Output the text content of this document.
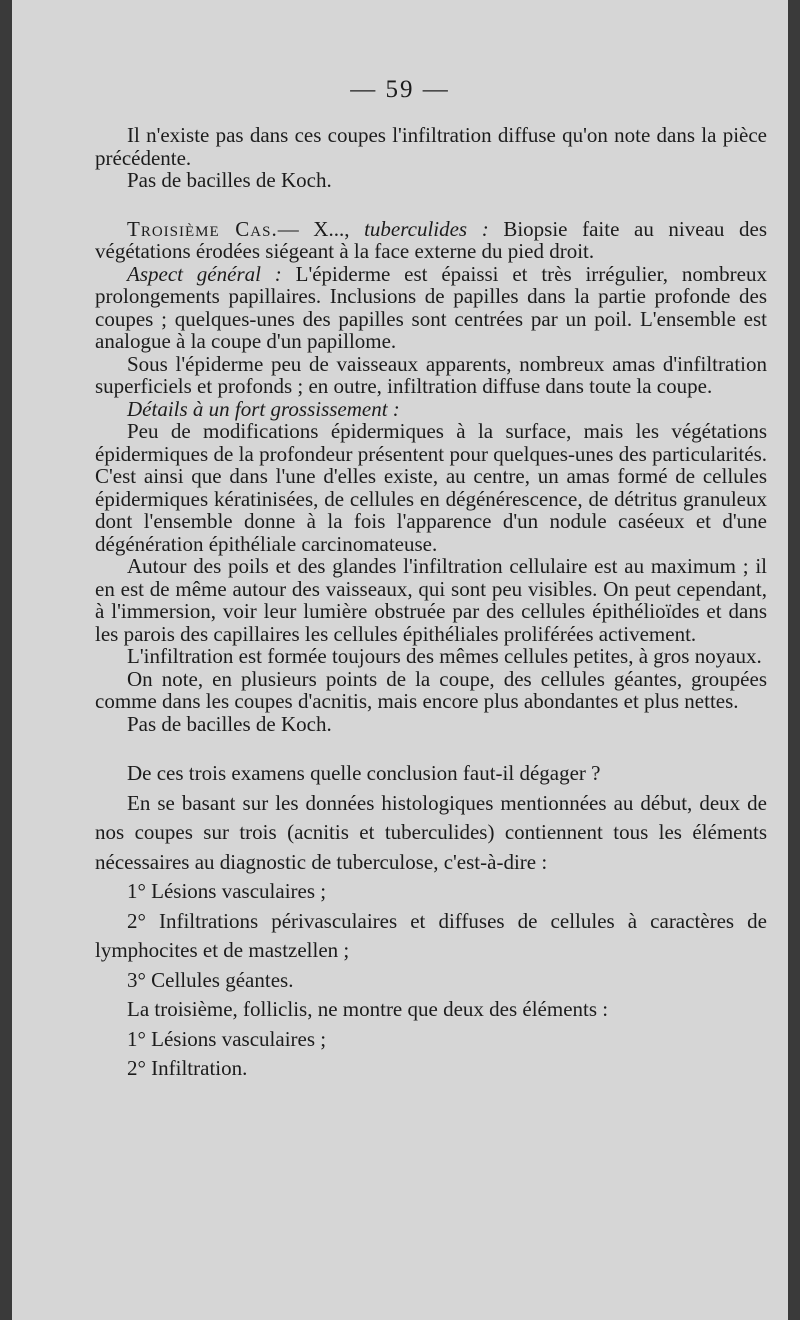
— 59 —

Il n'existe pas dans ces coupes l'infiltration diffuse qu'on note dans la pièce précédente.

Pas de bacilles de Koch.

Troisième Cas.— X..., tuberculides : Biopsie faite au niveau des végétations érodées siégeant à la face externe du pied droit.

Aspect général : L'épiderme est épaissi et très irrégulier, nombreux prolongements papillaires. Inclusions de papilles dans la partie profonde des coupes ; quelques-unes des papilles sont centrées par un poil. L'ensemble est analogue à la coupe d'un papillome.

Sous l'épiderme peu de vaisseaux apparents, nombreux amas d'infiltration superficiels et profonds ; en outre, infiltration diffuse dans toute la coupe.

Détails à un fort grossissement :

Peu de modifications épidermiques à la surface, mais les végétations épidermiques de la profondeur présentent pour quelques-unes des particularités. C'est ainsi que dans l'une d'elles existe, au centre, un amas formé de cellules épidermiques kératinisées, de cellules en dégénérescence, de détritus granuleux dont l'ensemble donne à la fois l'apparence d'un nodule caséeux et d'une dégénération épithéliale carcinomateuse.

Autour des poils et des glandes l'infiltration cellulaire est au maximum ; il en est de même autour des vaisseaux, qui sont peu visibles. On peut cependant, à l'immersion, voir leur lumière obstruée par des cellules épithélioïdes et dans les parois des capillaires les cellules épithéliales proliférées activement.

L'infiltration est formée toujours des mêmes cellules petites, à gros noyaux.

On note, en plusieurs points de la coupe, des cellules géantes, groupées comme dans les coupes d'acnitis, mais encore plus abondantes et plus nettes.

Pas de bacilles de Koch.

De ces trois examens quelle conclusion faut-il dégager ?

En se basant sur les données histologiques mentionnées au début, deux de nos coupes sur trois (acnitis et tuberculides) contiennent tous les éléments nécessaires au diagnostic de tuberculose, c'est-à-dire :

1° Lésions vasculaires ;

2° Infiltrations périvasculaires et diffuses de cellules à caractères de lymphocites et de mastzellen ;

3° Cellules géantes.

La troisième, folliclis, ne montre que deux des éléments :

1° Lésions vasculaires ;

2° Infiltration.
